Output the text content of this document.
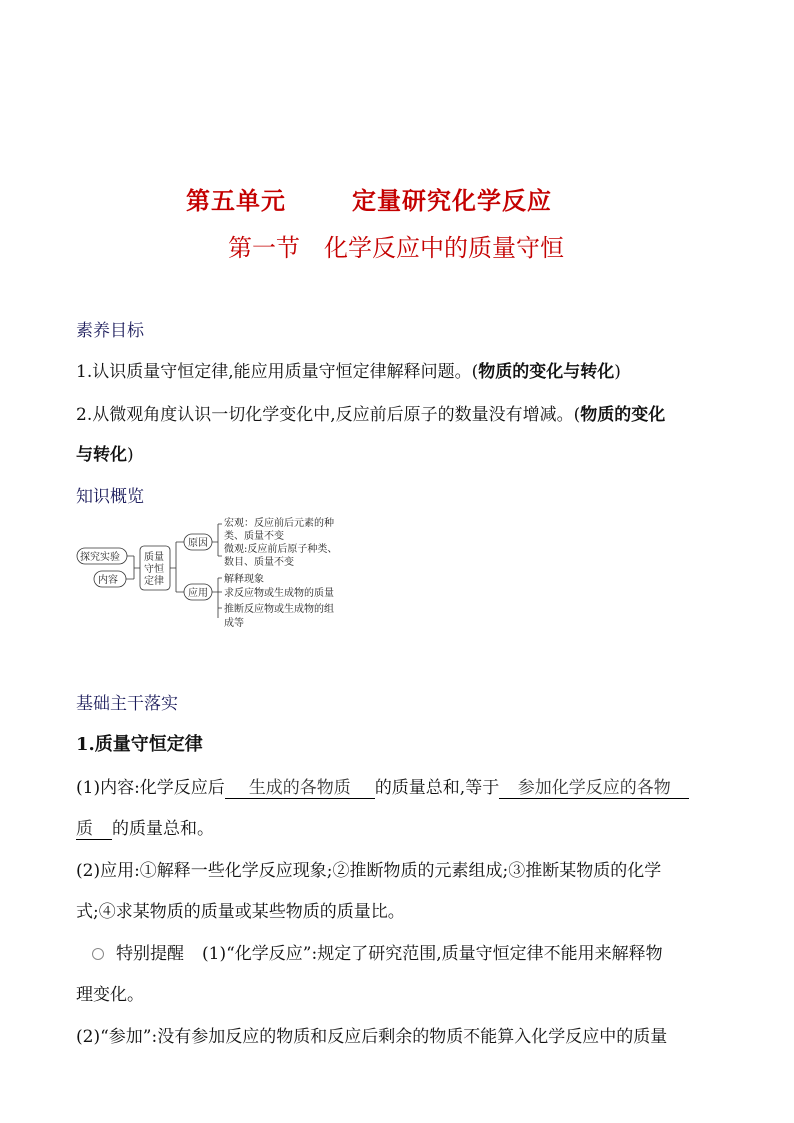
第五单元	定量研究化学反应
第一节 化学反应中的质量守恒
素养目标
1.认识质量守恒定律,能应用质量守恒定律解释问题。(物质的变化与转化)
2.从微观角度认识一切化学变化中,反应前后原子的数量没有增减。(物质的变化
与转化)
知识概览
探究实验
内容
质量
守恒
定律
原因
应用
宏观：反应前后元素的种
类、质量不变
微观:反应前后原子种类、
数目、质量不变
解释现象
求反应物或生成物的质量
推断反应物或生成物的组
成等
基础主干落实
1.质量守恒定律
(1)内容:化学反应后 生成的各物质 的质量总和,等于 参加化学反应的各物
质 的质量总和。
(2)应用:①解释一些化学反应现象;②推断物质的元素组成;③推断某物质的化学
式;④求某物质的质量或某些物质的质量比。
特别提醒 (1)“化学反应”:规定了研究范围,质量守恒定律不能用来解释物
理变化。
(2)“参加”:没有参加反应的物质和反应后剩余的物质不能算入化学反应中的质量
